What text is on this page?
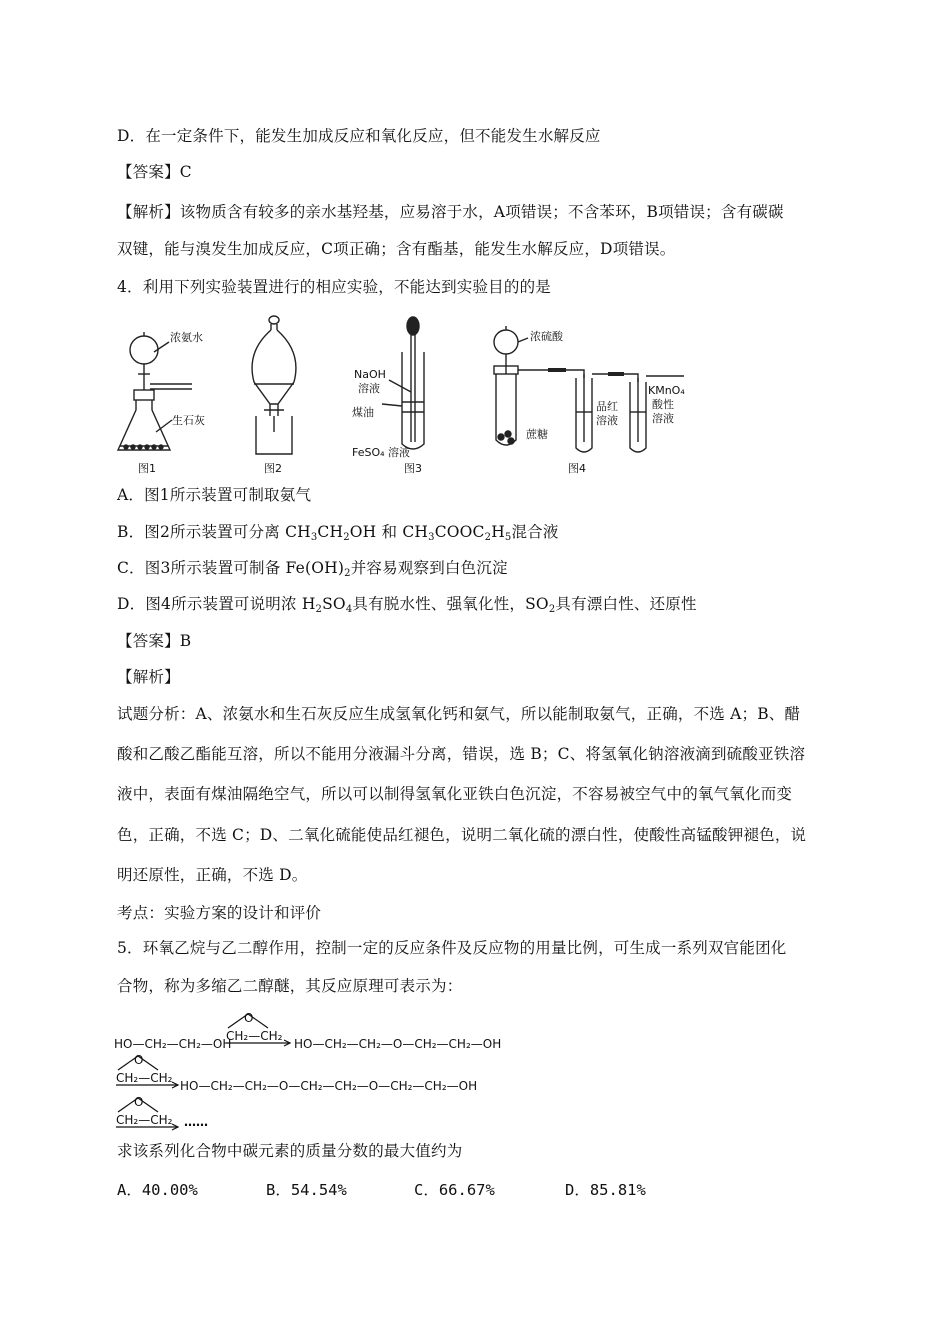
D．在一定条件下，能发生加成反应和氧化反应，但不能发生水解反应
【答案】C
【解析】该物质含有较多的亲水基羟基，应易溶于水，A项错误；不含苯环，B项错误；含有碳碳
双键，能与溴发生加成反应，C项正确；含有酯基，能发生水解反应，D项错误。
4．利用下列实验装置进行的相应实验，不能达到实验目的的是
浓氨水
生石灰
图1	图2
NaOH
溶液
煤油
FeSO₄ 溶液
图3
浓硫酸
蔗糖
品红
溶液
KMnO₄
酸性
溶液
图4
A．图1所示装置可制取氨气
B．图2所示装置可分离 $CH_3CH_2OH$ 和 $CH_3COOC_2H_5$混合液
C．图3所示装置可制备 $Fe(OH)_2$并容易观察到白色沉淀
D．图4所示装置可说明浓 $H_2SO_4$具有脱水性、强氧化性，$SO_2$具有漂白性、还原性
【答案】B
【解析】
试题分析：A、浓氨水和生石灰反应生成氢氧化钙和氨气，所以能制取氨气，正确，不选 A；B、醋
酸和乙酸乙酯能互溶，所以不能用分液漏斗分离，错误，选 B；C、将氢氧化钠溶液滴到硫酸亚铁溶
液中，表面有煤油隔绝空气，所以可以制得氢氧化亚铁白色沉淀，不容易被空气中的氧气氧化而变
色，正确，不选 C；D、二氧化硫能使品红褪色，说明二氧化硫的漂白性，使酸性高锰酸钾褪色，说
明还原性，正确，不选 D。
考点：实验方案的设计和评价
5．环氧乙烷与乙二醇作用，控制一定的反应条件及反应物的用量比例，可生成一系列双官能团化
合物，称为多缩乙二醇醚，其反应原理可表示为：
HO—CH₂—CH₂—OH
O
CH₂—CH₂
HO—CH₂—CH₂—O—CH₂—CH₂—OH
O
CH₂—CH₂
HO—CH₂—CH₂—O—CH₂—CH₂—O—CH₂—CH₂—OH
O
CH₂—CH₂ ……
求该系列化合物中碳元素的质量分数的最大值约为
A．40.00%	B．54.54%	C．66.67%	D．85.81%
